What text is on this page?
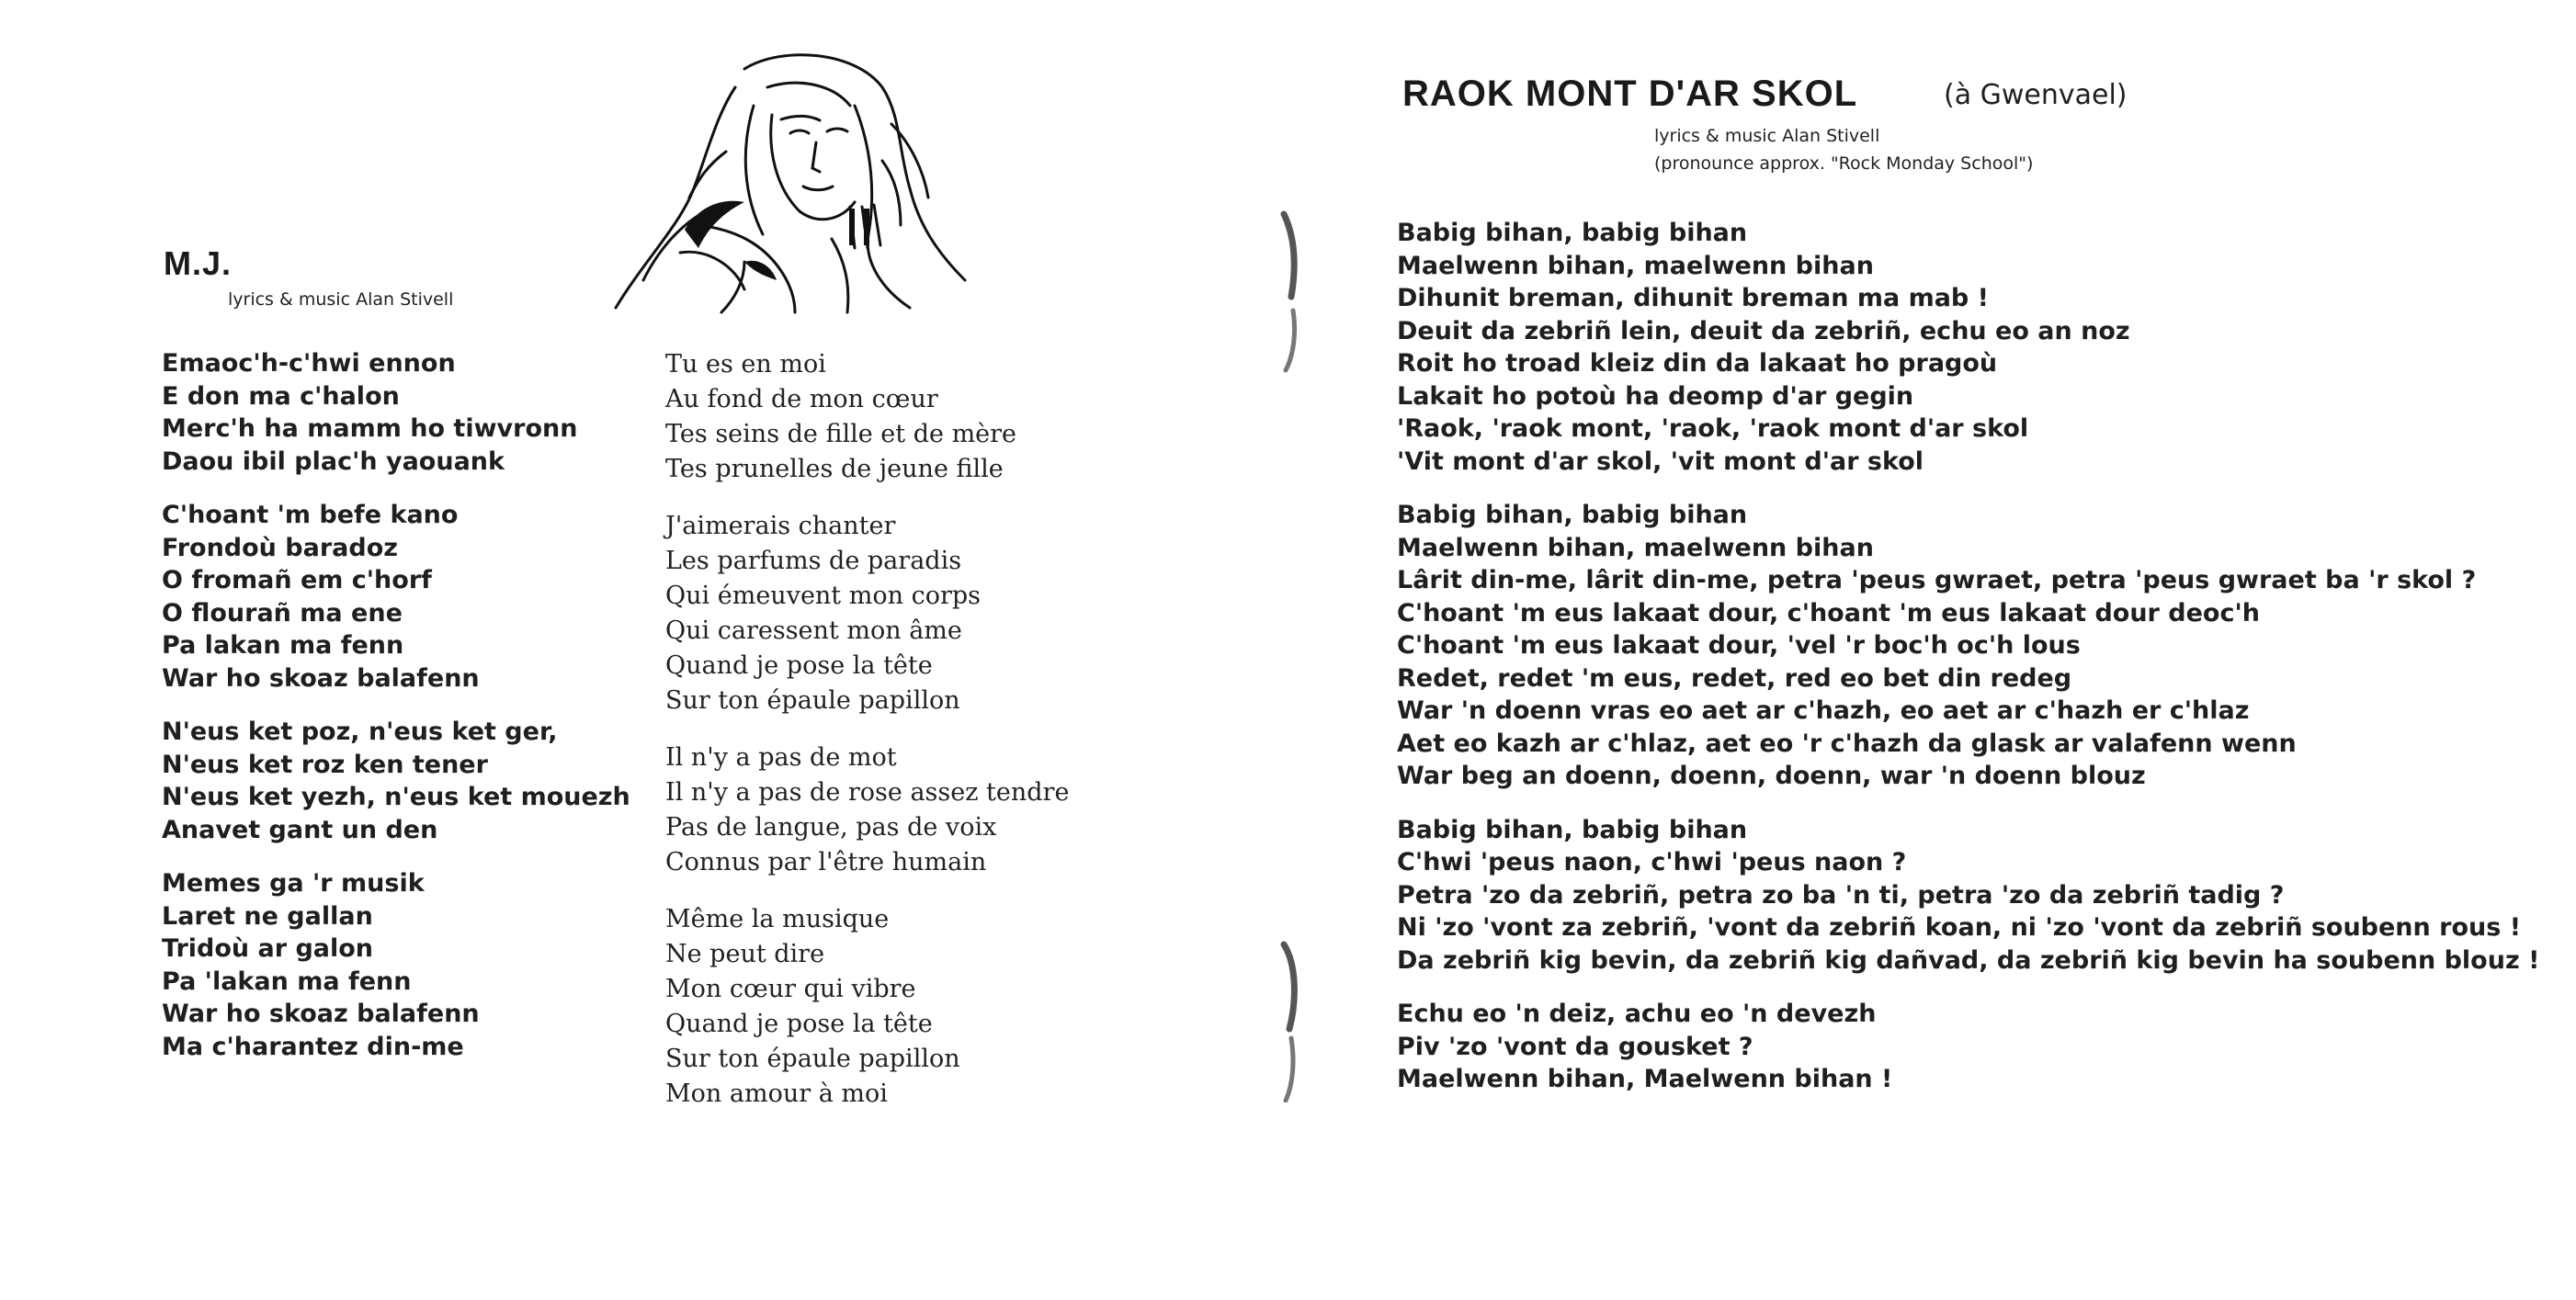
M.J.

lyrics & music Alan Stivell

Emaoc'h-c'hwi ennon
E don ma c'halon
Merc'h ha mamm ho tiwvronn
Daou ibil plac'h yaouank
C'hoant 'm befe kano
Frondoù baradoz
O fromañ em c'horf
O flourañ ma ene
Pa lakan ma fenn
War ho skoaz balafenn
N'eus ket poz, n'eus ket ger,
N'eus ket roz ken tener
N'eus ket yezh, n'eus ket mouezh
Anavet gant un den
Memes ga 'r musik
Laret ne gallan
Tridoù ar galon
Pa 'lakan ma fenn
War ho skoaz balafenn
Ma c'harantez din-me
Tu es en moi
Au fond de mon cœur
Tes seins de fille et de mère
Tes prunelles de jeune fille
J'aimerais chanter
Les parfums de paradis
Qui émeuvent mon corps
Qui caressent mon âme
Quand je pose la tête
Sur ton épaule papillon
Il n'y a pas de mot
Il n'y a pas de rose assez tendre
Pas de langue, pas de voix
Connus par l'être humain
Même la musique
Ne peut dire
Mon cœur qui vibre
Quand je pose la tête
Sur ton épaule papillon
Mon amour à moi
RAOK MONT D'AR SKOL	(à Gwenvael)

lyrics & music Alan Stivell

(pronounce approx. "Rock Monday School")

Babig bihan, babig bihan
Maelwenn bihan, maelwenn bihan
Dihunit breman, dihunit breman ma mab !
Deuit da zebriñ lein, deuit da zebriñ, echu eo an noz
Roit ho troad kleiz din da lakaat ho pragoù
Lakait ho potoù ha deomp d'ar gegin
'Raok, 'raok mont, 'raok, 'raok mont d'ar skol
'Vit mont d'ar skol, 'vit mont d'ar skol
Babig bihan, babig bihan
Maelwenn bihan, maelwenn bihan
Lârit din-me, lârit din-me, petra 'peus gwraet, petra 'peus gwraet ba 'r skol ?
C'hoant 'm eus lakaat dour, c'hoant 'm eus lakaat dour deoc'h
C'hoant 'm eus lakaat dour, 'vel 'r boc'h oc'h lous
Redet, redet 'm eus, redet, red eo bet din redeg
War 'n doenn vras eo aet ar c'hazh, eo aet ar c'hazh er c'hlaz
Aet eo kazh ar c'hlaz, aet eo 'r c'hazh da glask ar valafenn wenn
War beg an doenn, doenn, doenn, war 'n doenn blouz
Babig bihan, babig bihan
C'hwi 'peus naon, c'hwi 'peus naon ?
Petra 'zo da zebriñ, petra zo ba 'n ti, petra 'zo da zebriñ tadig ?
Ni 'zo 'vont za zebriñ, 'vont da zebriñ koan, ni 'zo 'vont da zebriñ soubenn rous !
Da zebriñ kig bevin, da zebriñ kig dañvad, da zebriñ kig bevin ha soubenn blouz !
Echu eo 'n deiz, achu eo 'n devezh
Piv 'zo 'vont da gousket ?
Maelwenn bihan, Maelwenn bihan !
